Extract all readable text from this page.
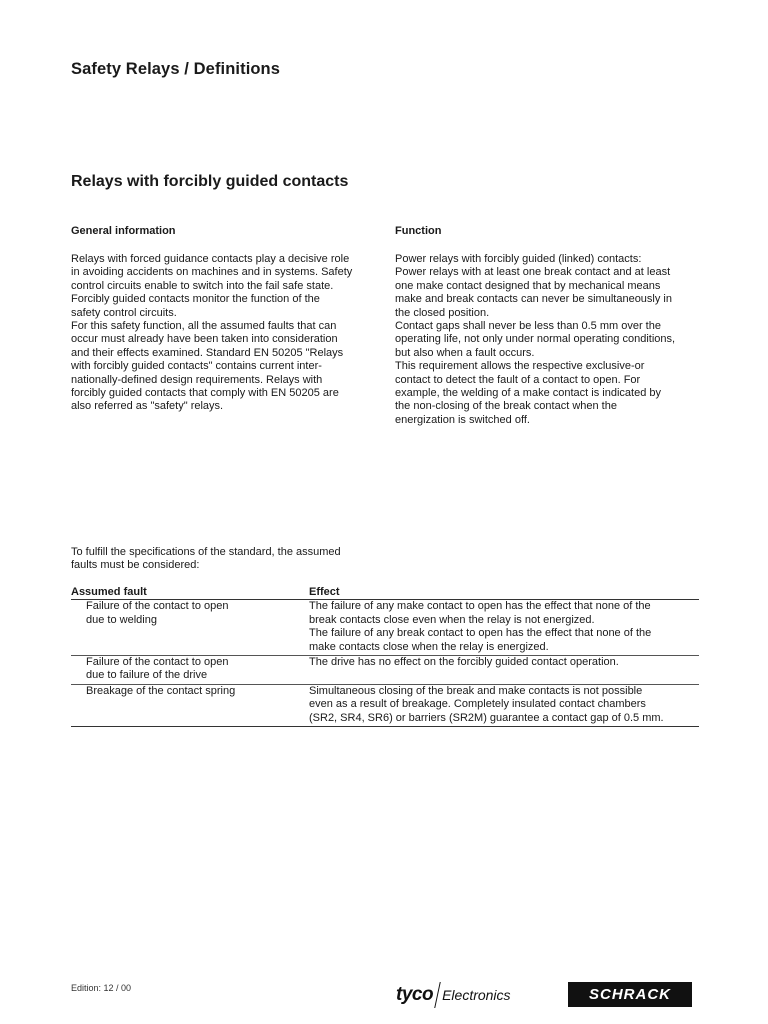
Safety Relays / Definitions
Relays with forcibly guided contacts
General information

Relays with forced guidance contacts play a decisive role
in avoiding accidents on machines and in systems. Safety
control circuits enable to switch into the fail safe state.
Forcibly guided contacts monitor the function of the
safety control circuits.
For this safety function, all the assumed faults that can
occur must already have been taken into consideration
and their effects examined. Standard EN 50205 "Relays
with forcibly guided contacts" contains current inter-
nationally-defined design requirements. Relays with
forcibly guided contacts that comply with EN 50205 are
also referred as "safety" relays.

Function

Power relays with forcibly guided (linked) contacts:
Power relays with at least one break contact and at least
one make contact designed that by mechanical means
make and break contacts can never be simultaneously in
the closed position.
Contact gaps shall never be less than 0.5 mm over the
operating life, not only under normal operating conditions,
but also when a fault occurs.
This requirement allows the respective exclusive-or
contact to detect the fault of a contact to open. For
example, the welding of a make contact is indicated by
the non-closing of the break contact when the
energization is switched off.

To fulfill the specifications of the standard, the assumed
faults must be considered:

Assumed fault	Effect
Failure of the contact to open
due to welding	The failure of any make contact to open has the effect that none of the
break contacts close even when the relay is not energized.
The failure of any break contact to open has the effect that none of the
make contacts close when the relay is energized.
Failure of the contact to open
due to failure of the drive	The drive has no effect on the forcibly guided contact operation.
Breakage of the contact spring	Simultaneous closing of the break and make contacts is not possible
even as a result of breakage. Completely insulated contact chambers
(SR2, SR4, SR6) or barriers (SR2M) guarantee a contact gap of 0.5 mm.

Edition: 12 / 00	tyco Electronics	SCHRACK
